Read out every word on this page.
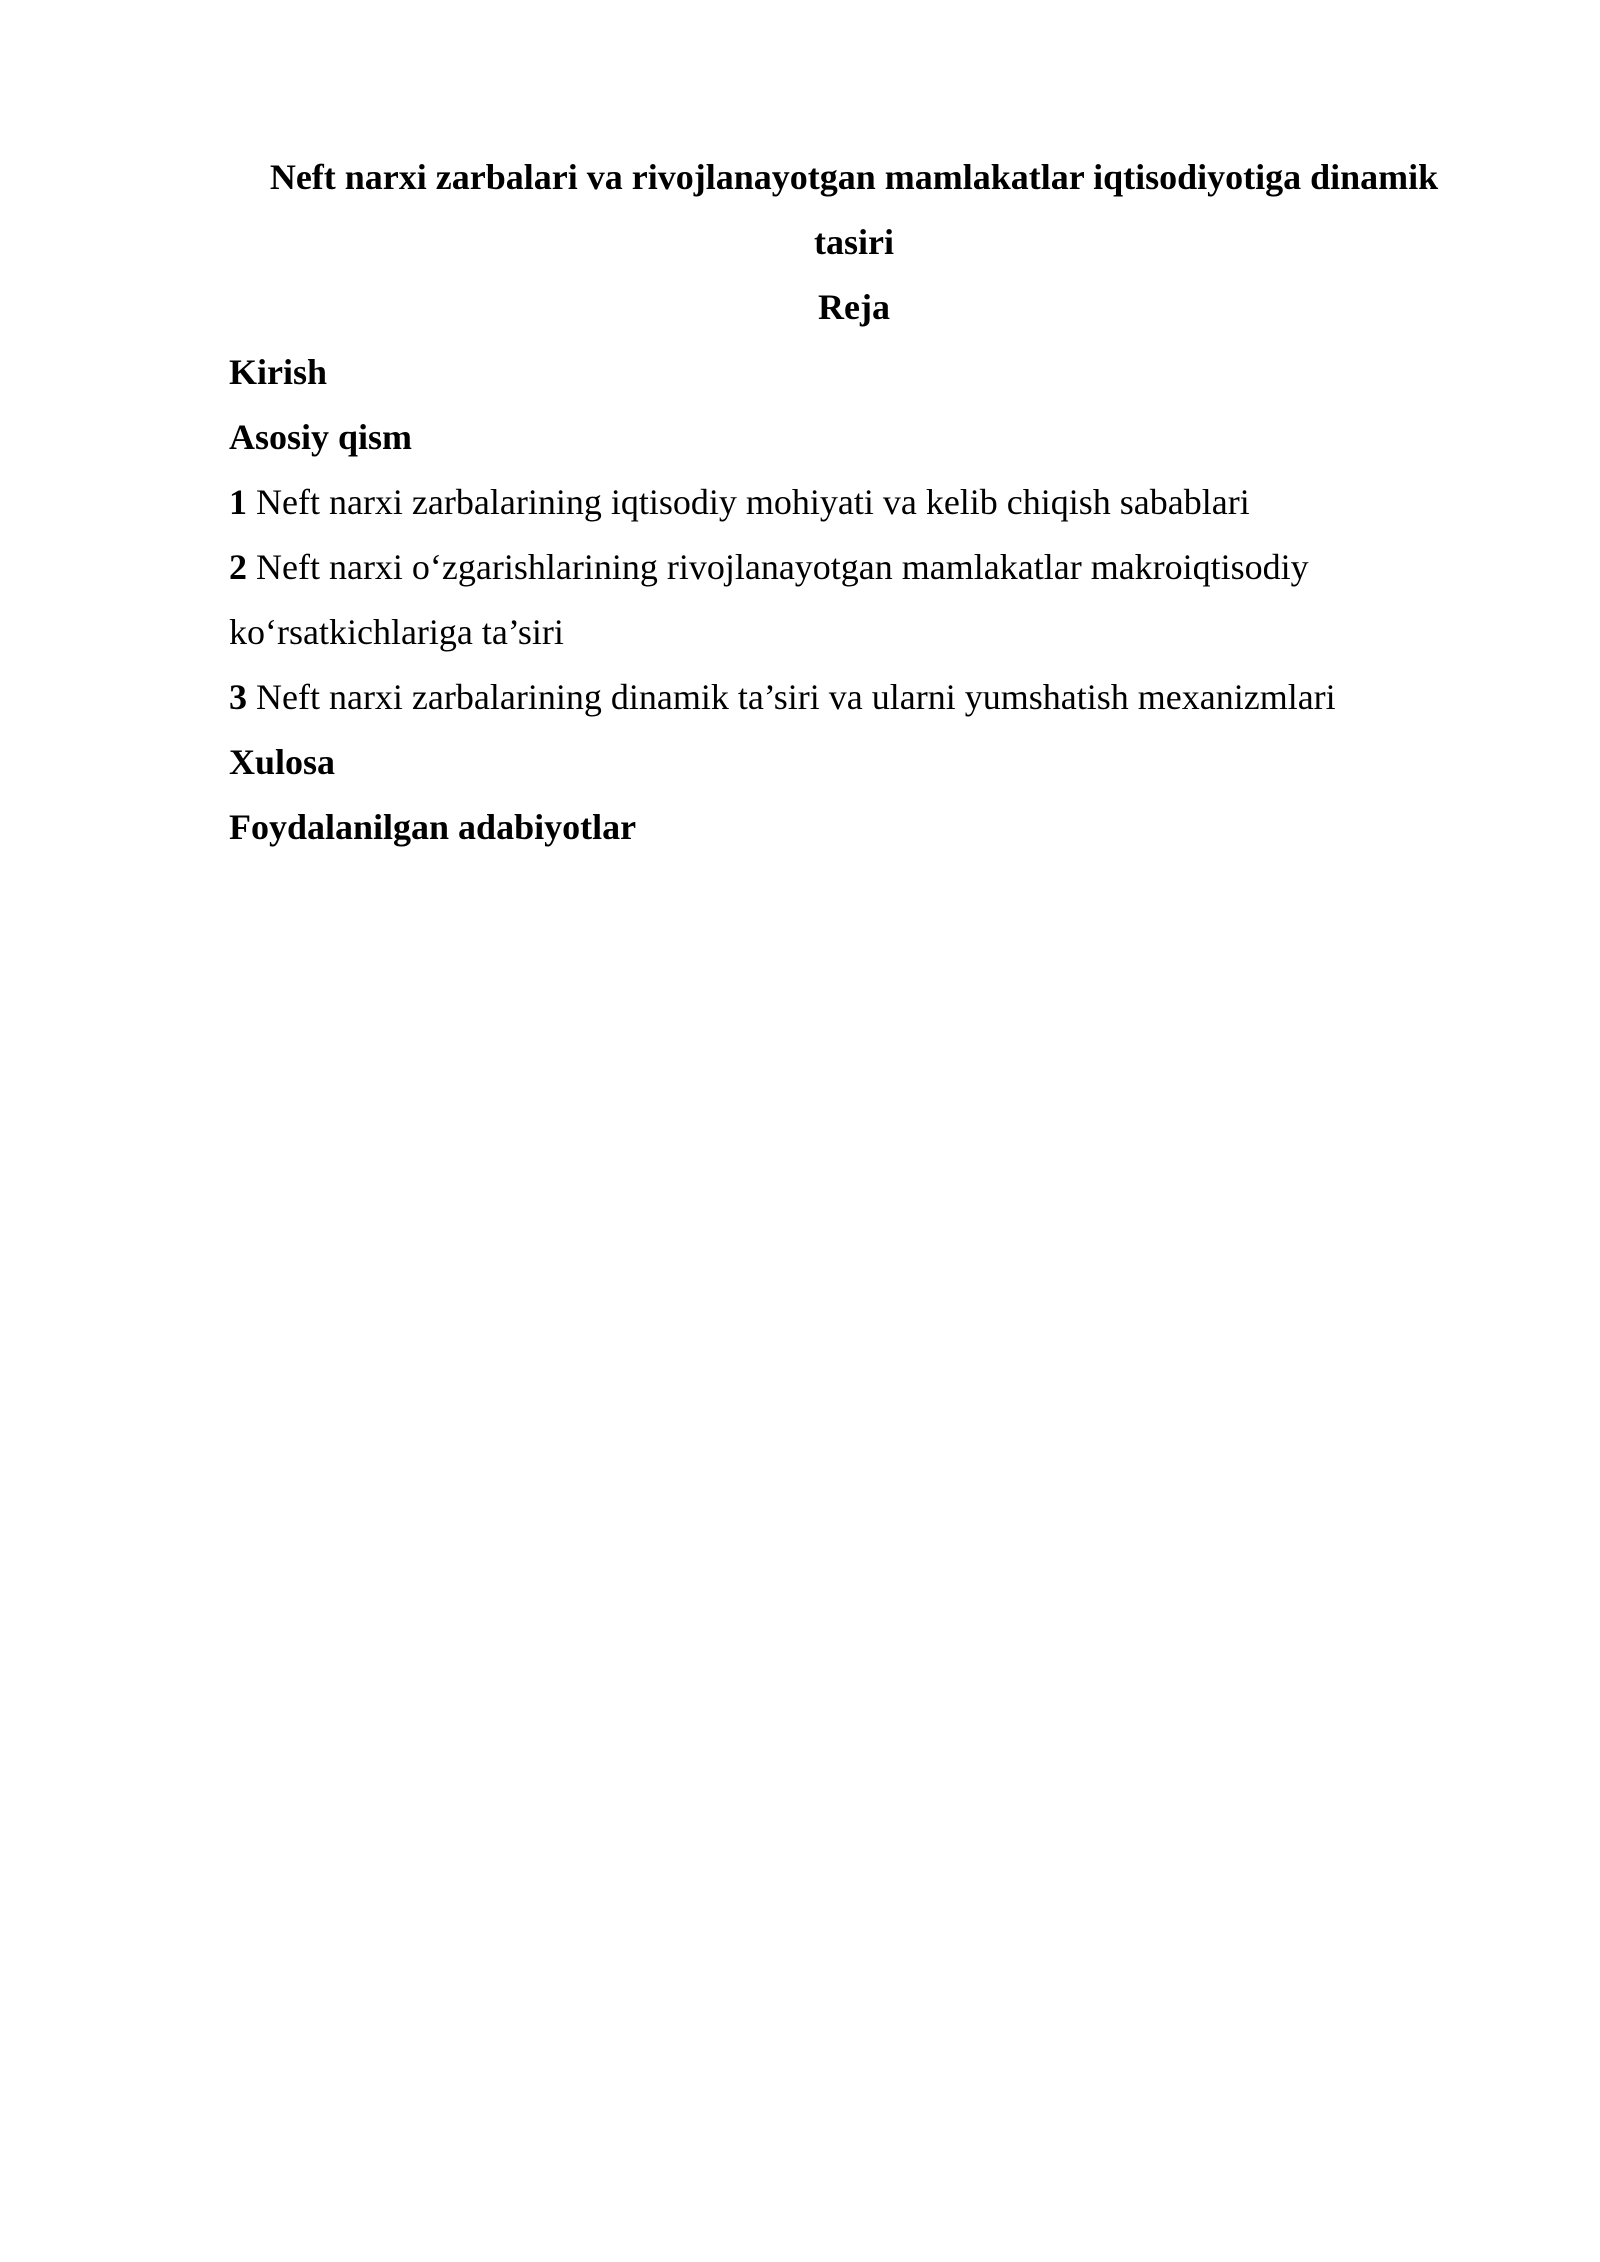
Neft narxi zarbalari va rivojlanayotgan mamlakatlar iqtisodiyotiga dinamik tasiri

Reja

Kirish

Asosiy qism

1 Neft narxi zarbalarining iqtisodiy mohiyati va kelib chiqish sabablari

2 Neft narxi o‘zgarishlarining rivojlanayotgan mamlakatlar makroiqtisodiy ko‘rsatkichlariga ta’siri

3 Neft narxi zarbalarining dinamik ta’siri va ularni yumshatish mexanizmlari

Xulosa

Foydalanilgan adabiyotlar
